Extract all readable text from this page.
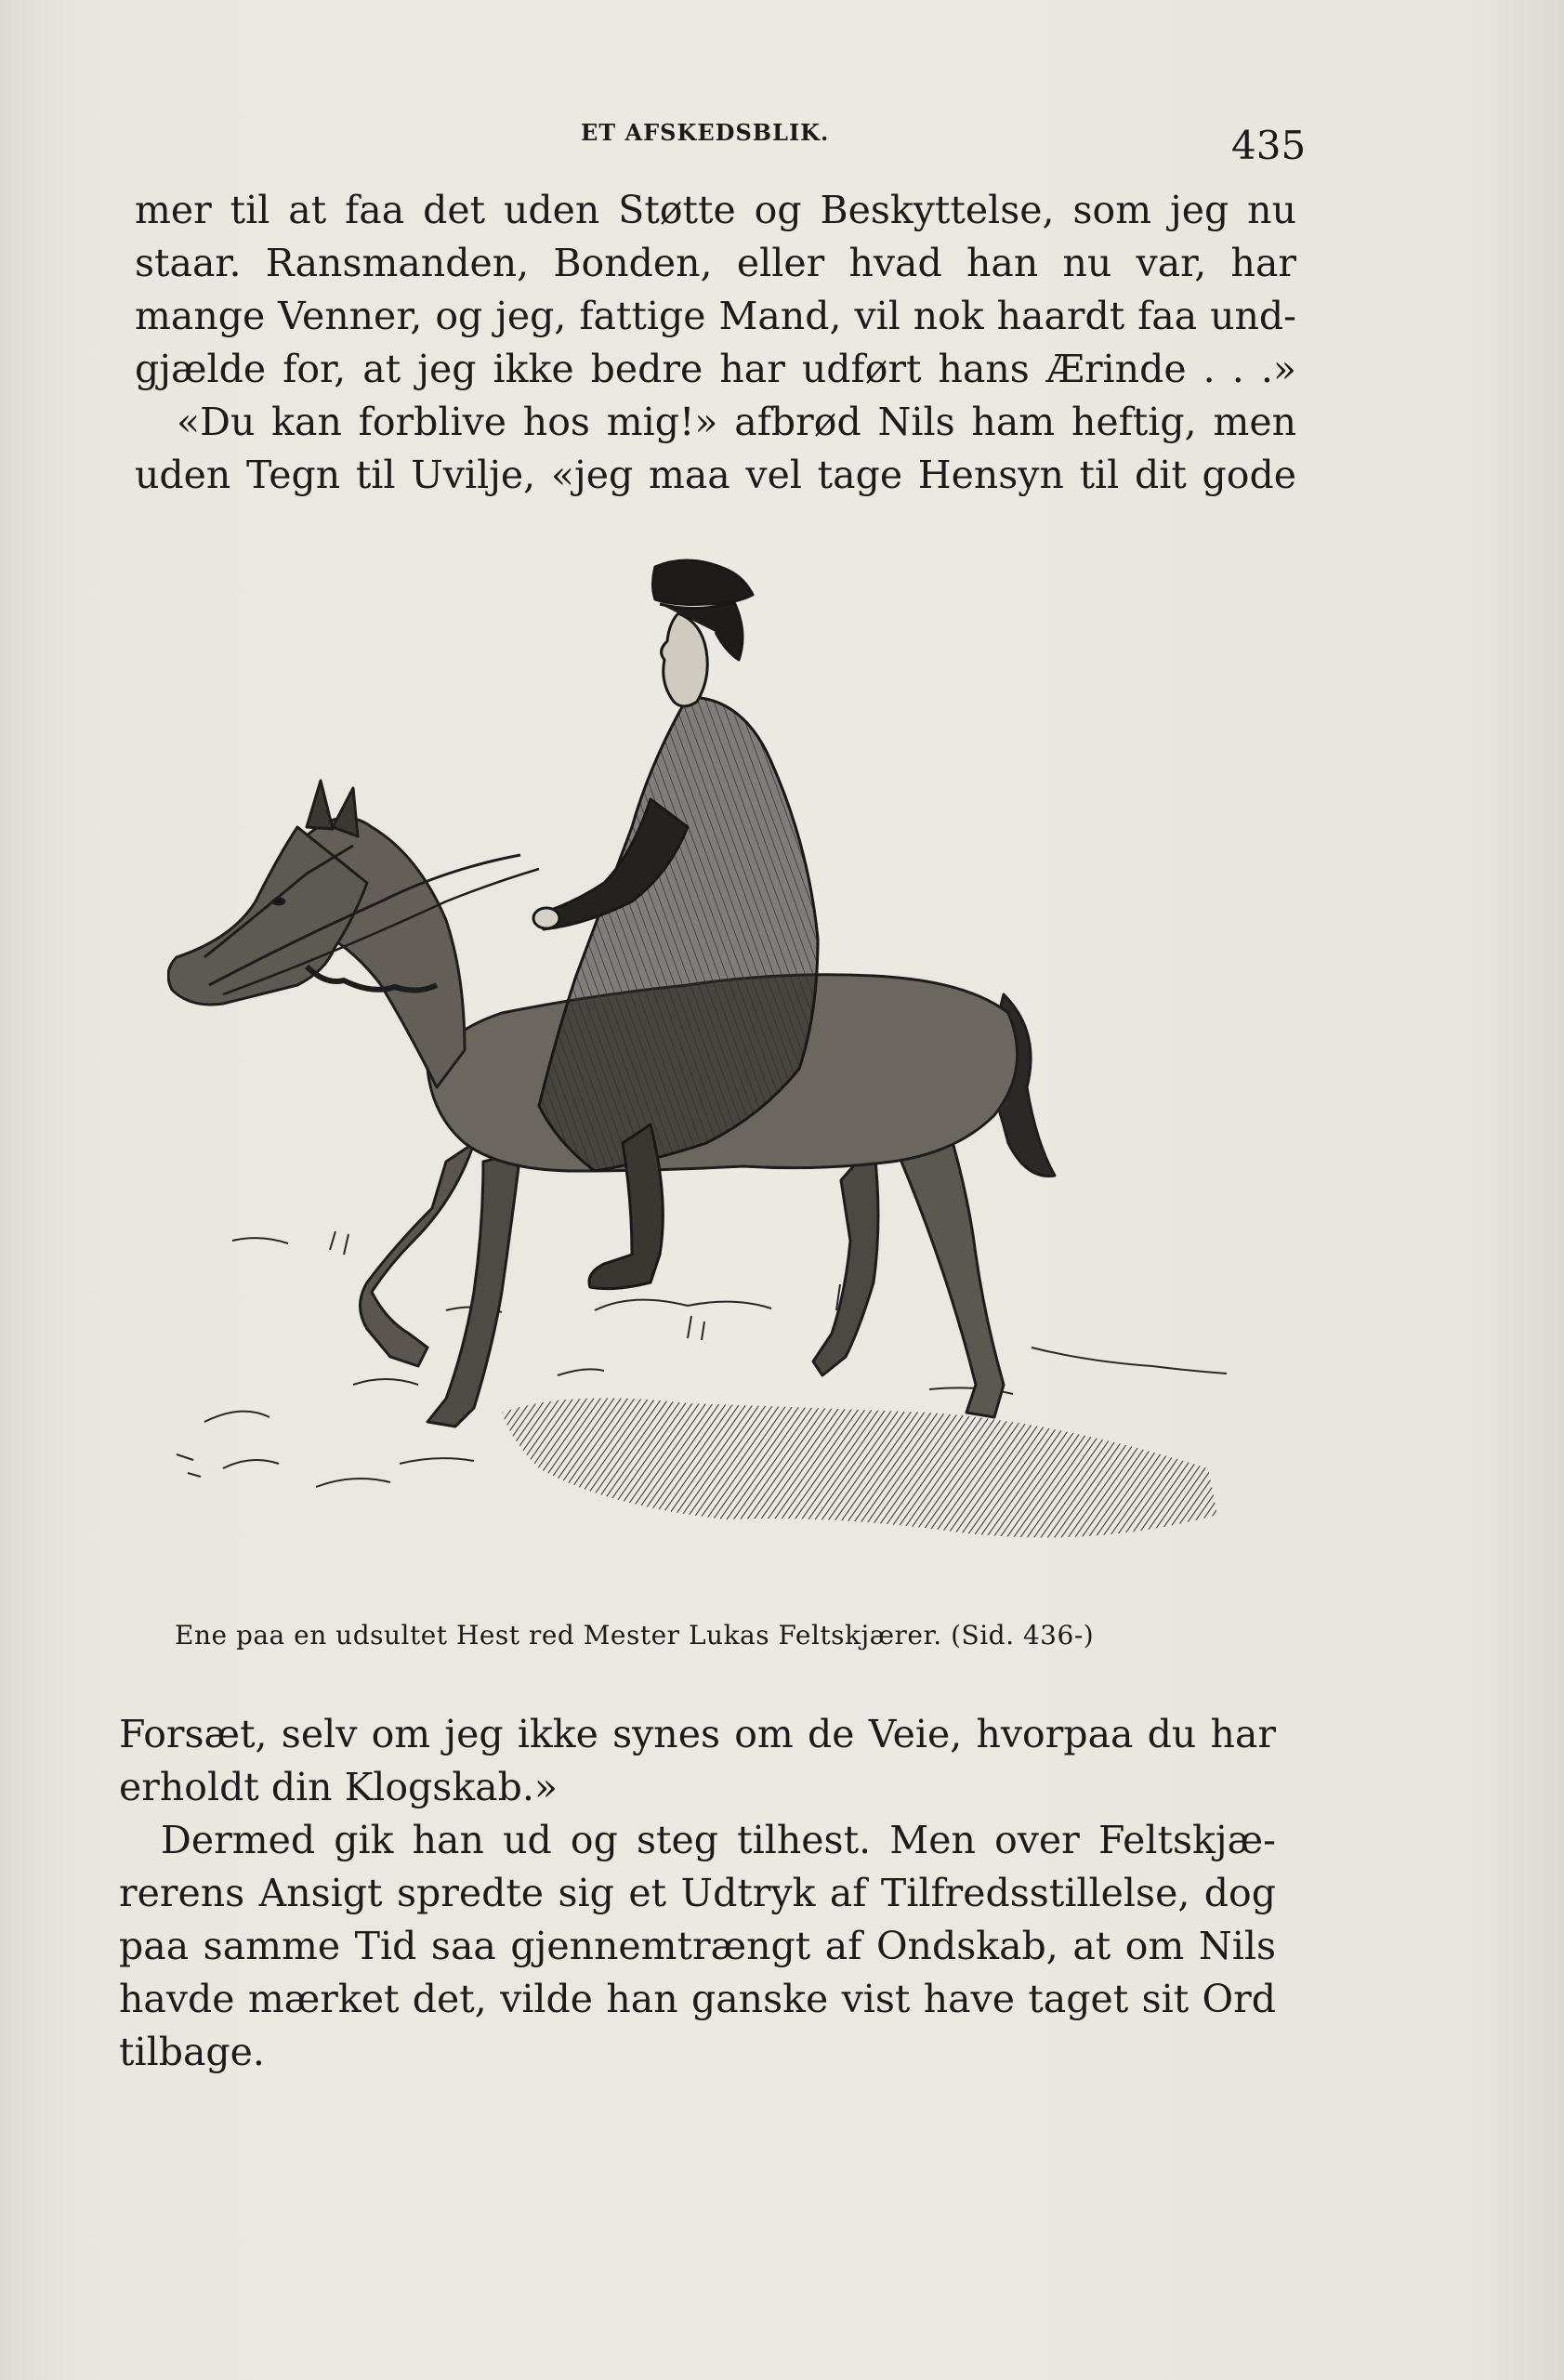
ET AFSKEDSBLIK.	435
mer til at faa det uden Støtte og Beskyttelse, som jeg nu
staar. Ransmanden, Bonden, eller hvad han nu var, har
mange Venner, og jeg, fattige Mand, vil nok haardt faa und-
gjælde for, at jeg ikke bedre har udført hans Ærinde . . .»
«Du kan forblive hos mig!» afbrød Nils ham heftig, men
uden Tegn til Uvilje, «jeg maa vel tage Hensyn til dit gode
Ene paa en udsultet Hest red Mester Lukas Feltskjærer. (Sid. 436-)
Forsæt, selv om jeg ikke synes om de Veie, hvorpaa du har
erholdt din Klogskab.»
Dermed gik han ud og steg tilhest. Men over Feltskjæ-
rerens Ansigt spredte sig et Udtryk af Tilfredsstillelse, dog
paa samme Tid saa gjennemtrængt af Ondskab, at om Nils
havde mærket det, vilde han ganske vist have taget sit Ord
tilbage.
